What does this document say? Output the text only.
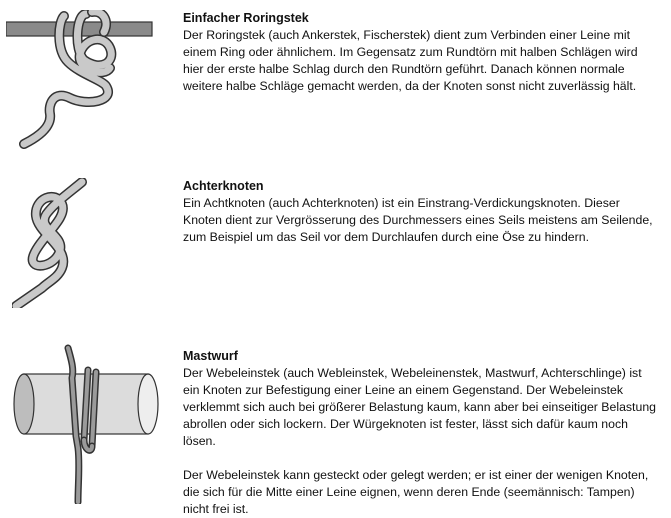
Einfacher Roringstek

Der Roringstek (auch Ankerstek, Fischerstek) dient zum Verbinden einer Leine mit einem Ring oder ähnlichem. Im Gegensatz zum Rundtörn mit halben Schlägen wird hier der erste halbe Schlag durch den Rundtörn geführt. Danach können normale weitere halbe Schläge gemacht werden, da der Knoten sonst nicht zuverlässig hält.

Achterknoten

Ein Achtknoten (auch Achterknoten) ist ein Einstrang-Verdickungsknoten. Dieser Knoten dient zur Vergrösserung des Durchmessers eines Seils meistens am Seilende, zum Beispiel um das Seil vor dem Durchlaufen durch eine Öse zu hindern.

Mastwurf

Der Webeleinstek (auch Webleinstek, Webeleinenstek, Mastwurf, Achterschlinge) ist ein Knoten zur Befestigung einer Leine an einem Gegenstand. Der Webeleinstek verklemmt sich auch bei größerer Belastung kaum, kann aber bei einseitiger Belastung abrollen oder sich lockern. Der Würgeknoten ist fester, lässt sich dafür kaum noch lösen.

Der Webeleinstek kann gesteckt oder gelegt werden; er ist einer der wenigen Knoten, die sich für die Mitte einer Leine eignen, wenn deren Ende (seemännisch: Tampen) nicht frei ist.
